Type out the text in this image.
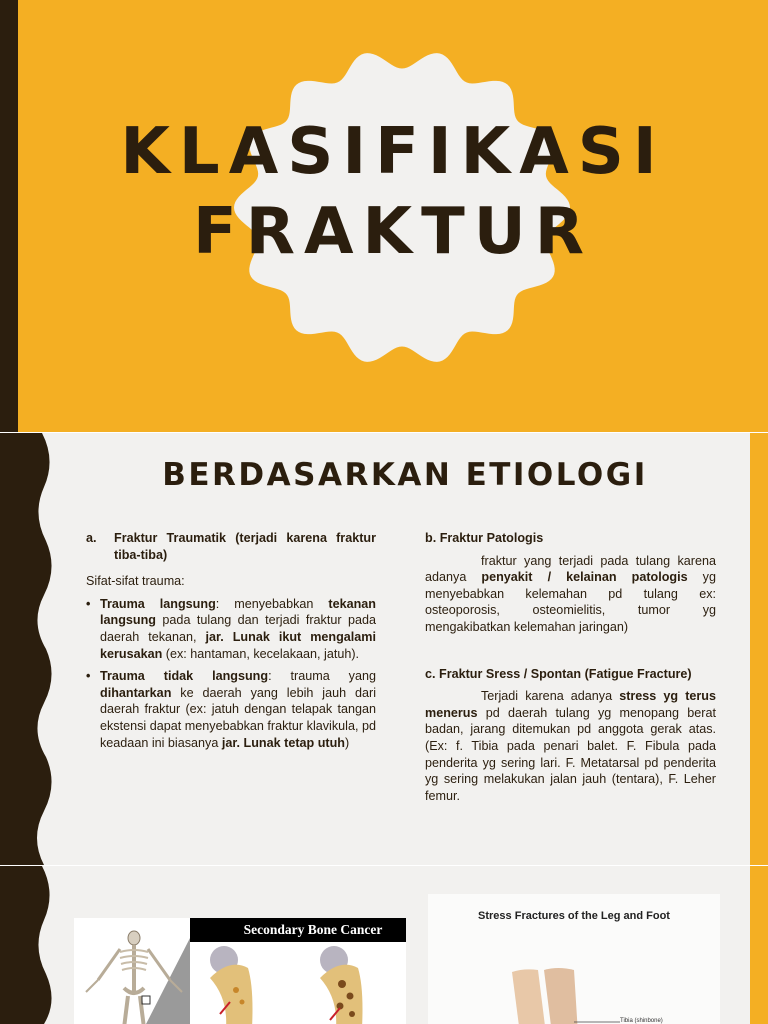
KLASIFIKASI
FRAKTUR
BERDASARKAN ETIOLOGI
a.	Fraktur Traumatik (terjadi karena fraktur tiba-tiba)
Sifat-sifat trauma:
• Trauma langsung: menyebabkan tekanan langsung pada tulang dan terjadi fraktur pada daerah tekanan, jar. Lunak ikut mengalami kerusakan (ex: hantaman, kecelakaan, jatuh).
• Trauma tidak langsung: trauma yang dihantarkan ke daerah yang lebih jauh dari daerah fraktur (ex: jatuh dengan telapak tangan ekstensi dapat menyebabkan fraktur klavikula, pd keadaan ini biasanya jar. Lunak tetap utuh)
b. Fraktur Patologis
fraktur yang terjadi pada tulang karena adanya penyakit / kelainan patologis yg menyebabkan kelemahan pd tulang ex: osteoporosis, osteomielitis, tumor yg mengakibatkan kelemahan jaringan)
c. Fraktur Sress / Spontan (Fatigue Fracture)
Terjadi karena adanya stress yg terus menerus pd daerah tulang yg menopang berat badan, jarang ditemukan pd anggota gerak atas. (Ex: f. Tibia pada penari balet. F. Fibula pada penderita yg sering lari. F. Metatarsal pd penderita yg sering melakukan jalan jauh (tentara), F. Leher femur.
Secondary Bone Cancer
Stress Fractures of the Leg and Foot
Tibia (shinbone)
